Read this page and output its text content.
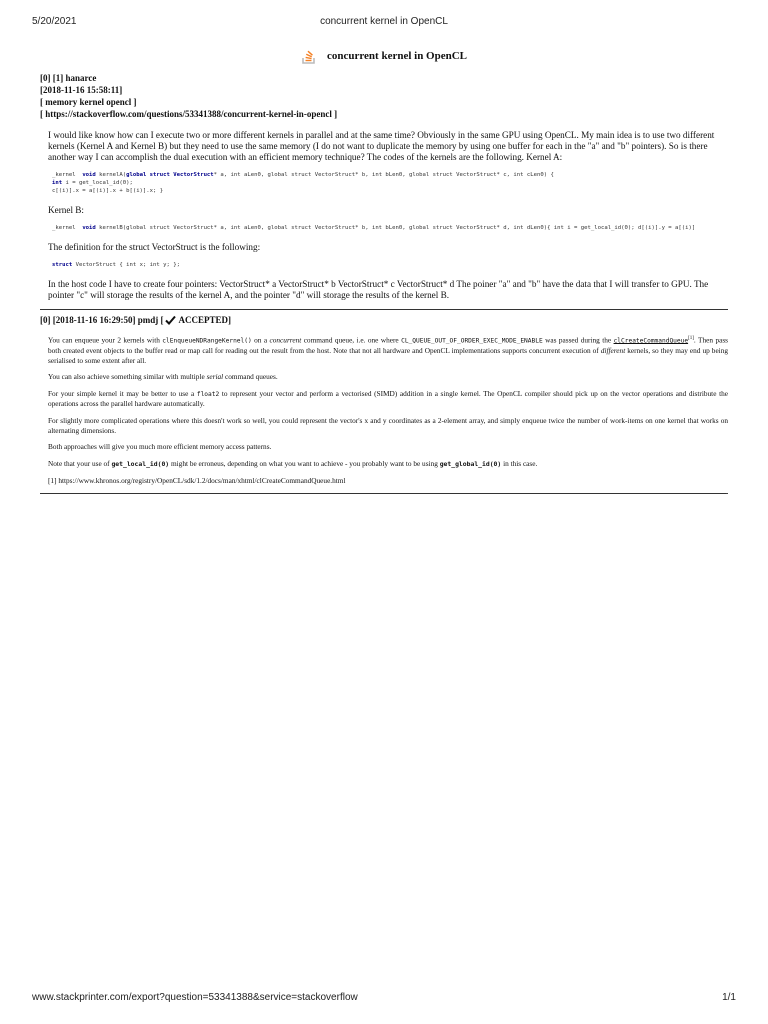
5/20/2021	concurrent kernel in OpenCL
concurrent kernel in OpenCL
[0] [1] hanarce
[2018-11-16 15:58:11]
[ memory kernel opencl ]
[ https://stackoverflow.com/questions/53341388/concurrent-kernel-in-opencl ]

I would like know how can I execute two or more different kernels in parallel and at the same time? Obviously in the same GPU using OpenCL. My main idea is to use two different kernels (Kernel A and Kernel B) but they need to use the same memory (I do not want to duplicate the memory by using one buffer for each in the "a" and "b" pointers). So is there another way I can accomplish the dual execution with an efficient memory technique? The codes of the kernels are the following. Kernel A:

_kernel  void kernelA(global struct VectorStruct* a, int aLen0, global struct VectorStruct* b, int bLen0, global struct VectorStruct* c, int cLen0) {
int i = get_local_id(0);
c[(i)].x = a[(i)].x + b[(i)].x; }

Kernel B:

_kernel  void kernelB(global struct VectorStruct* a, int aLen0, global struct VectorStruct* b, int bLen0, global struct VectorStruct* d, int dLen0){ int i = get_local_id(0); d[(i)].y = a[(i)]

The definition for the struct VectorStruct is the following:

struct VectorStruct { int x; int y; };

In the host code I have to create four pointers: VectorStruct* a VectorStruct* b VectorStruct* c VectorStruct* d The poiner "a" and "b" have the data that I will transfer to GPU. The pointer "c" will storage the results of the kernel A, and the pointer "d" will storage the results of the kernel B.

[0] [2018-11-16 16:29:50] pmdj [ ACCEPTED]

You can enqueue your 2 kernels with clEnqueueNDRangeKernel() on a concurrent command queue, i.e. one where CL_QUEUE_OUT_OF_ORDER_EXEC_MODE_ENABLE was passed during the clCreateCommandQueue[1]. Then pass both created event objects to the buffer read or map call for reading out the result from the host. Note that not all hardware and OpenCL implementations supports concurrent execution of different kernels, so they may end up being serialised to some extent after all.

You can also achieve something similar with multiple serial command queues.

For your simple kernel it may be better to use a float2 to represent your vector and perform a vectorised (SIMD) addition in a single kernel. The OpenCL compiler should pick up on the vector operations and distribute the operations across the parallel hardware automatically.

For slightly more complicated operations where this doesn't work so well, you could represent the vector's x and y coordinates as a 2-element array, and simply enqueue twice the number of work-items on one kernel that works on alternating dimensions.

Both approaches will give you much more efficient memory access patterns.

Note that your use of get_local_id(0) might be erroneus, depending on what you want to achieve - you probably want to be using get_global_id(0) in this case.

[1] https://www.khronos.org/registry/OpenCL/sdk/1.2/docs/man/xhtml/clCreateCommandQueue.html

.
www.stackprinter.com/export?question=53341388&service=stackoverflow	1/1
